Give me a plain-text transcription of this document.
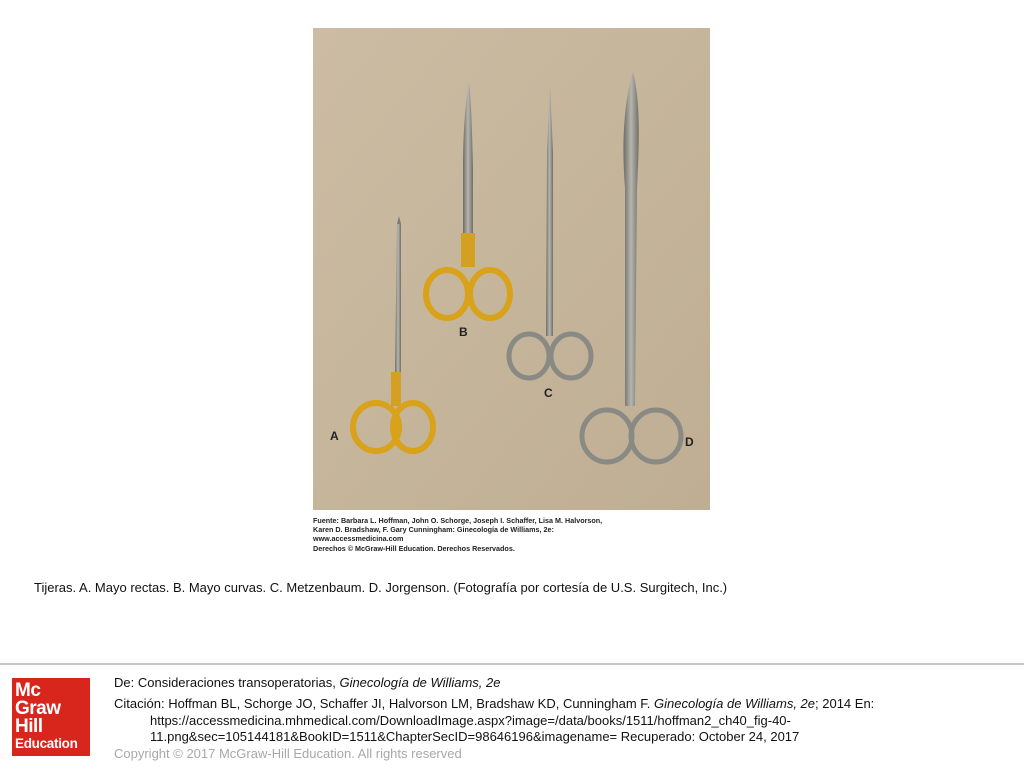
A
B
C
D
Fuente: Barbara L. Hoffman, John O. Schorge, Joseph I. Schaffer, Lisa M. Halvorson,
Karen D. Bradshaw, F. Gary Cunningham: Ginecología de Williams, 2e:
www.accessmedicina.com
Derechos © McGraw-Hill Education. Derechos Reservados.
Tijeras. A. Mayo rectas. B. Mayo curvas. C. Metzenbaum. D. Jorgenson. (Fotografía por cortesía de U.S. Surgitech, Inc.)
Mc
Graw
Hill
Education
De: Consideraciones transoperatorias, Ginecología de Williams, 2e
Citación: Hoffman BL, Schorge JO, Schaffer JI, Halvorson LM, Bradshaw KD, Cunningham F. Ginecología de Williams, 2e; 2014 En:
https://accessmedicina.mhmedical.com/DownloadImage.aspx?image=/data/books/1511/hoffman2_ch40_fig-40-
11.png&sec=105144181&BookID=1511&ChapterSecID=98646196&imagename= Recuperado: October 24, 2017
Copyright © 2017 McGraw-Hill Education. All rights reserved
